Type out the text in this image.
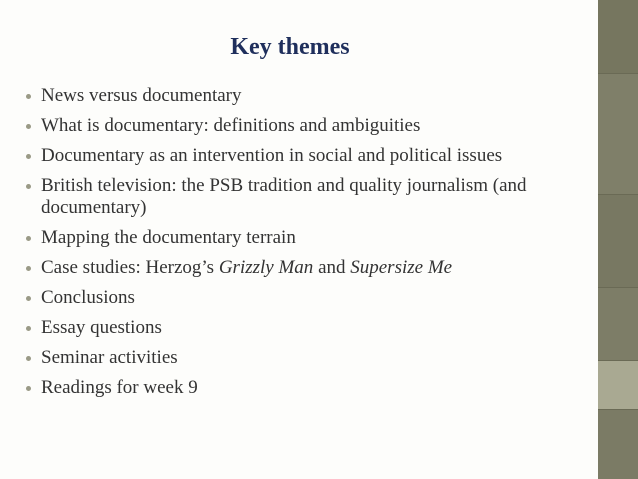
Key themes
News versus documentary
What is documentary: definitions and ambiguities
Documentary as an intervention in social and political issues
British television: the PSB tradition and quality journalism (and documentary)
Mapping the documentary terrain
Case studies: Herzog’s Grizzly Man and Supersize Me
Conclusions
Essay questions
Seminar activities
Readings for week 9
